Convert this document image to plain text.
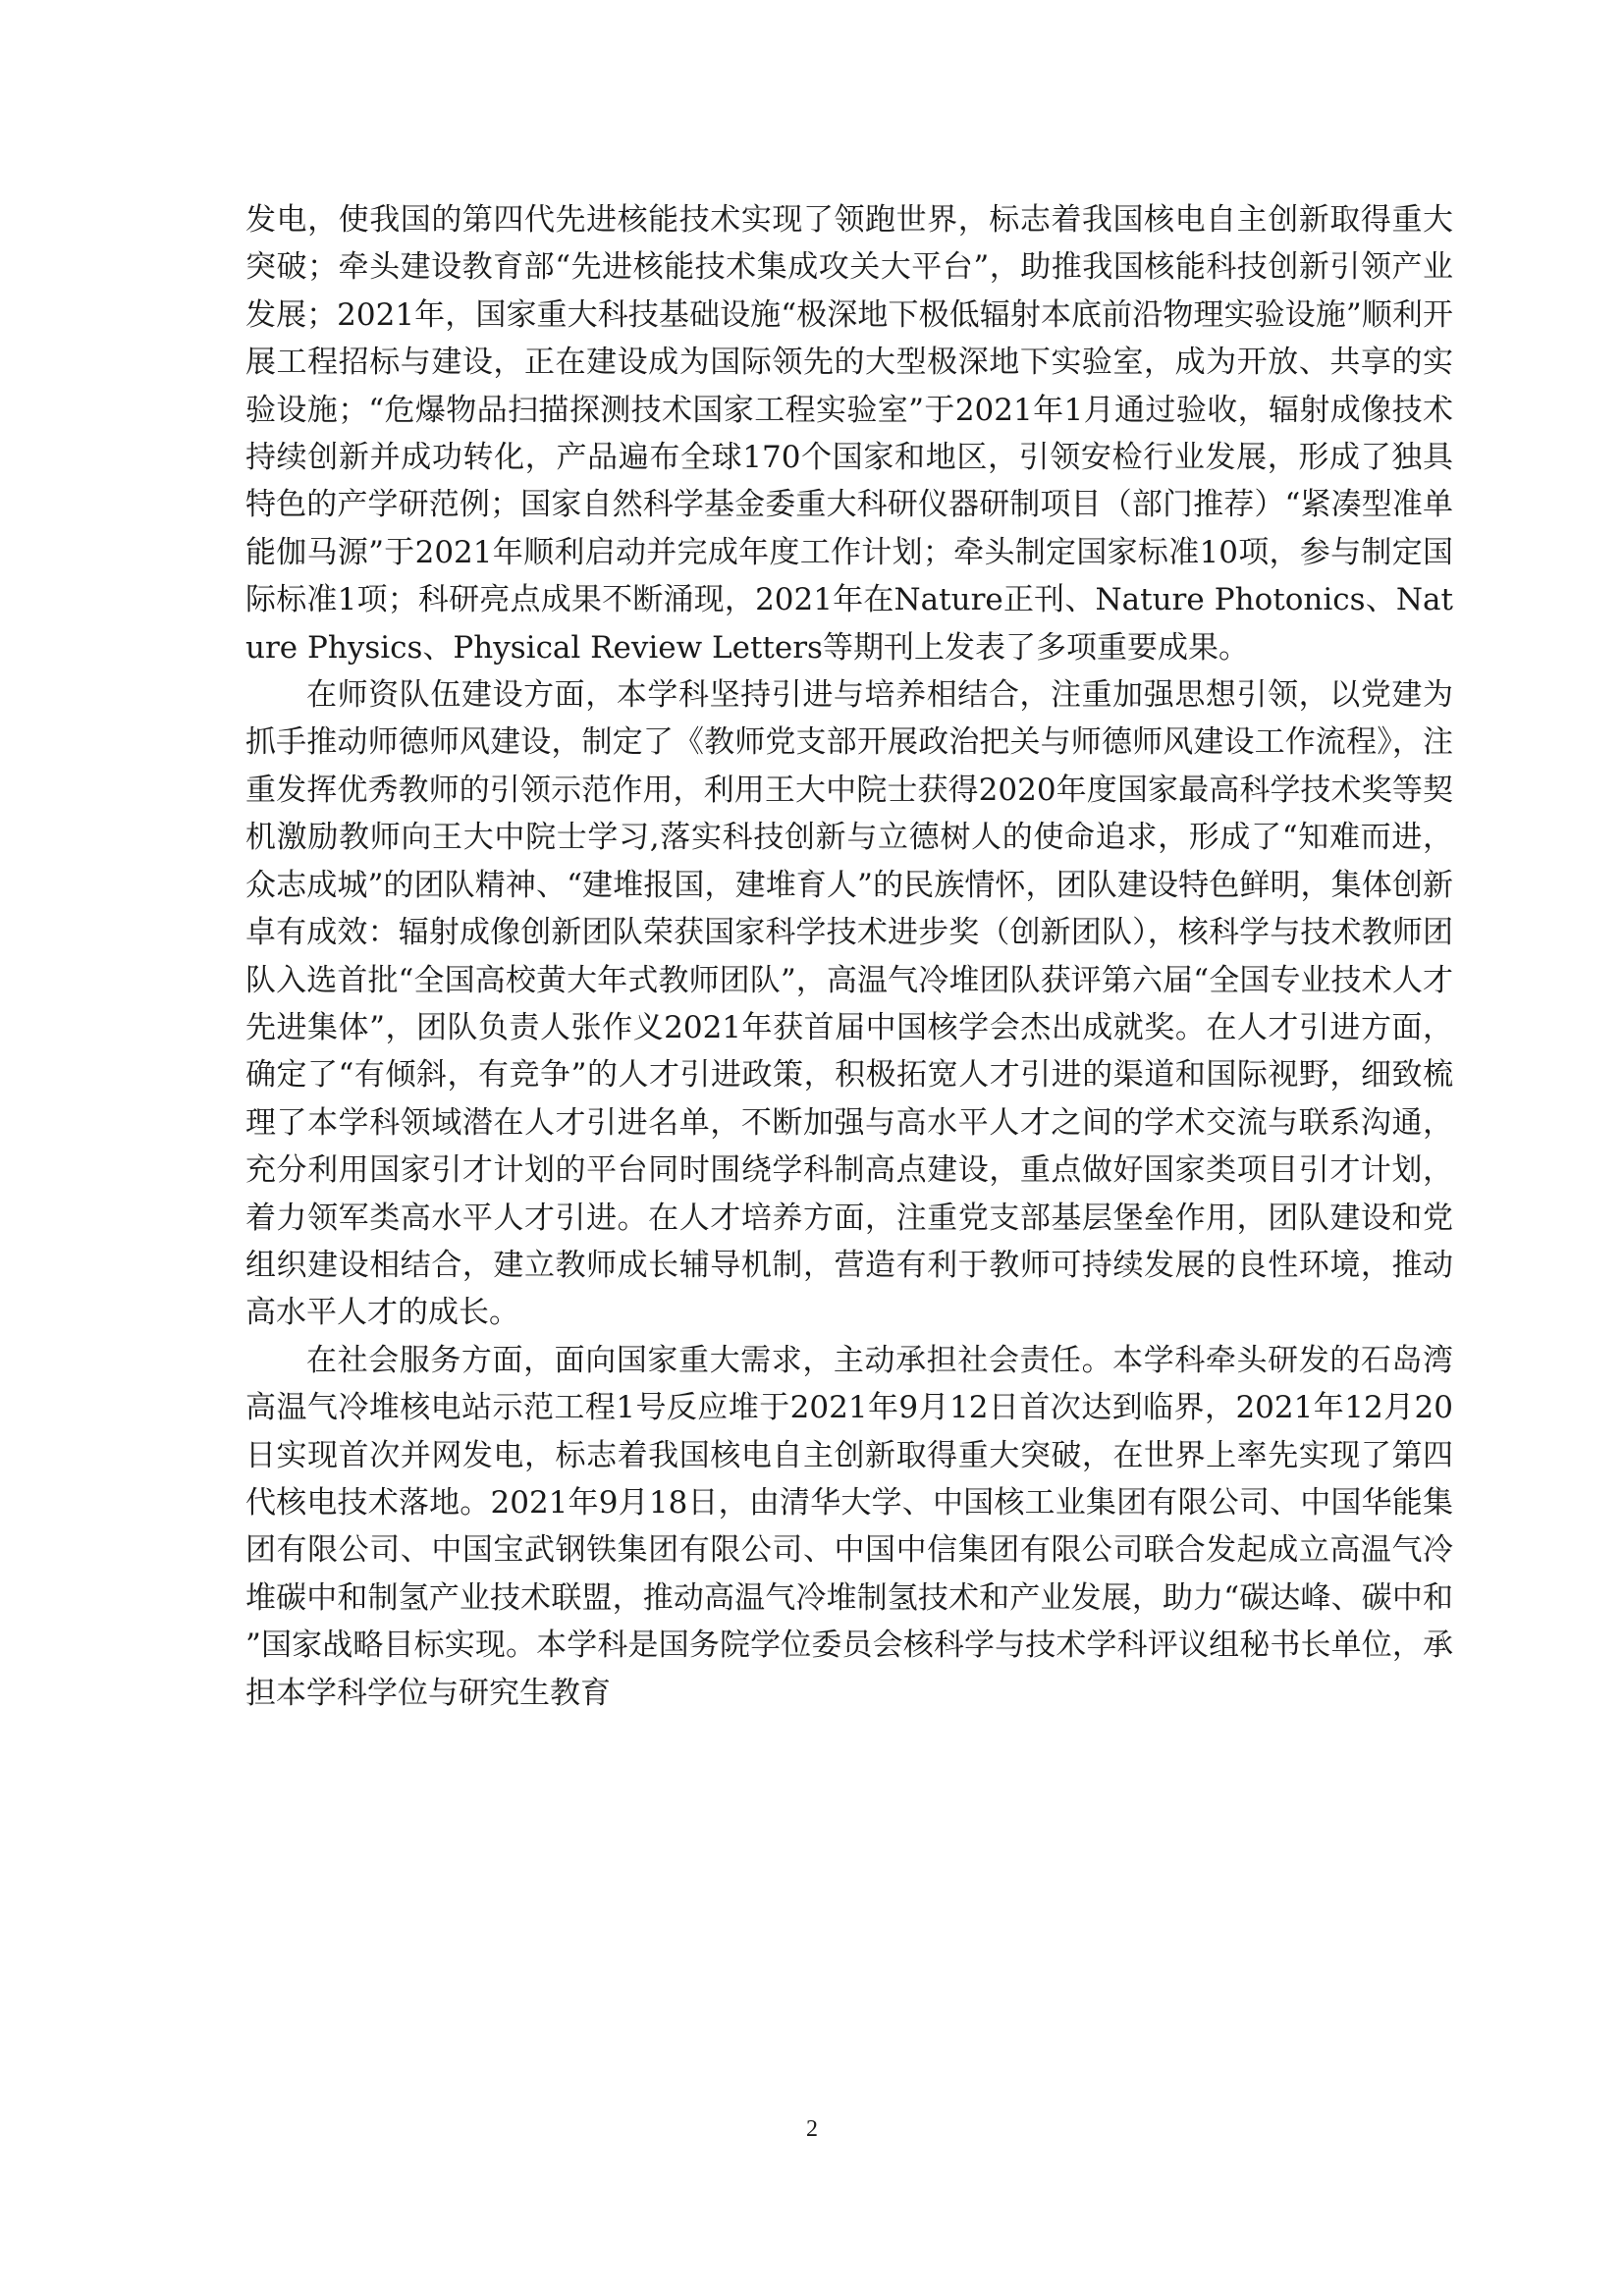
发电，使我国的第四代先进核能技术实现了领跑世界，标志着我国核电自主创新取得重大突破；牵头建设教育部“先进核能技术集成攻关大平台”，助推我国核能科技创新引领产业发展；2021年，国家重大科技基础设施“极深地下极低辐射本底前沿物理实验设施”顺利开展工程招标与建设，正在建设成为国际领先的大型极深地下实验室，成为开放、共享的实验设施；“危爆物品扫描探测技术国家工程实验室”于2021年1月通过验收，辐射成像技术持续创新并成功转化，产品遍布全球170个国家和地区，引领安检行业发展，形成了独具特色的产学研范例；国家自然科学基金委重大科研仪器研制项目（部门推荐）“紧凑型准单能伽马源”于2021年顺利启动并完成年度工作计划；牵头制定国家标准10项，参与制定国际标准1项；科研亮点成果不断涌现，2021年在Nature正刊、Nature Photonics、Nature Physics、Physical Review Letters等期刊上发表了多项重要成果。

在师资队伍建设方面，本学科坚持引进与培养相结合，注重加强思想引领，以党建为抓手推动师德师风建设，制定了《教师党支部开展政治把关与师德师风建设工作流程》，注重发挥优秀教师的引领示范作用，利用王大中院士获得2020年度国家最高科学技术奖等契机激励教师向王大中院士学习,落实科技创新与立德树人的使命追求，形成了“知难而进，众志成城”的团队精神、“建堆报国，建堆育人”的民族情怀，团队建设特色鲜明，集体创新卓有成效：辐射成像创新团队荣获国家科学技术进步奖（创新团队），核科学与技术教师团队入选首批“全国高校黄大年式教师团队”，高温气冷堆团队获评第六届“全国专业技术人才先进集体”，团队负责人张作义2021年获首届中国核学会杰出成就奖。在人才引进方面，确定了“有倾斜，有竞争”的人才引进政策，积极拓宽人才引进的渠道和国际视野，细致梳理了本学科领域潜在人才引进名单，不断加强与高水平人才之间的学术交流与联系沟通，充分利用国家引才计划的平台同时围绕学科制高点建设，重点做好国家类项目引才计划，着力领军类高水平人才引进。在人才培养方面，注重党支部基层堡垒作用，团队建设和党组织建设相结合，建立教师成长辅导机制，营造有利于教师可持续发展的良性环境，推动高水平人才的成长。

在社会服务方面，面向国家重大需求，主动承担社会责任。本学科牵头研发的石岛湾高温气冷堆核电站示范工程1号反应堆于2021年9月12日首次达到临界，2021年12月20日实现首次并网发电，标志着我国核电自主创新取得重大突破，在世界上率先实现了第四代核电技术落地。2021年9月18日，由清华大学、中国核工业集团有限公司、中国华能集团有限公司、中国宝武钢铁集团有限公司、中国中信集团有限公司联合发起成立高温气冷堆碳中和制氢产业技术联盟，推动高温气冷堆制氢技术和产业发展，助力“碳达峰、碳中和”国家战略目标实现。本学科是国务院学位委员会核科学与技术学科评议组秘书长单位，承担本学科学位与研究生教育

2
